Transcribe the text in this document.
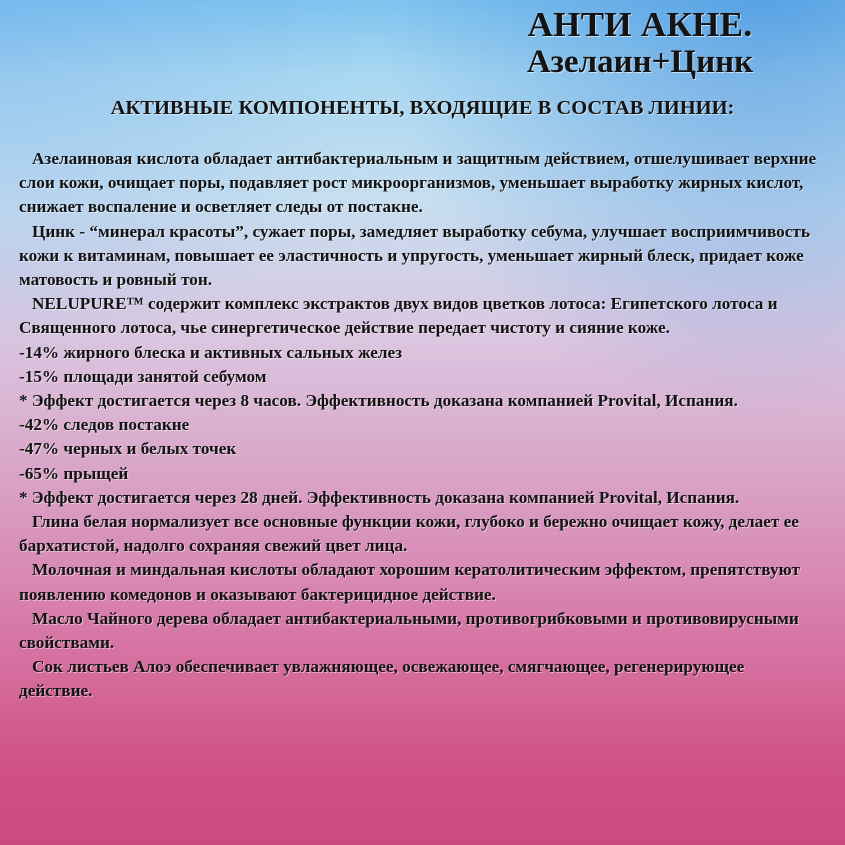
АНТИ АКНЕ.
Азелаин+Цинк
АКТИВНЫЕ КОМПОНЕНТЫ, ВХОДЯЩИЕ В СОСТАВ ЛИНИИ:

Азелаиновая кислота обладает антибактериальным и защитным действием, отшелушивает верхние слои кожи, очищает поры, подавляет рост микроорганизмов, уменьшает выработку жирных кислот, снижает воспаление и осветляет следы от постакне.

Цинк - “минерал красоты”, сужает поры, замедляет выработку себума, улучшает восприимчивость кожи к витаминам, повышает ее эластичность и упругость, уменьшает жирный блеск, придает коже матовость и ровный тон.

NELUPURE™ содержит комплекс экстрактов двух видов цветков лотоса: Египетского лотоса и Священного лотоса, чье синергетическое действие передает чистоту и сияние коже.

-14% жирного блеска и активных сальных желез

-15% площади занятой себумом

* Эффект достигается через 8 часов. Эффективность доказана компанией Provital, Испания.

-42% следов постакне

-47% черных и белых точек

-65% прыщей

* Эффект достигается через 28 дней. Эффективность доказана компанией Provital, Испания.

Глина белая нормализует все основные функции кожи, глубоко и бережно очищает кожу, делает ее бархатистой, надолго сохраняя свежий цвет лица.

Молочная и миндальная кислоты обладают хорошим кератолитическим эффектом, препятствуют появлению комедонов и оказывают бактерицидное действие.

Масло Чайного дерева обладает антибактериальными, противогрибковыми и противовирусными свойствами.

Сок листьев Алоэ обеспечивает увлажняющее, освежающее, смягчающее, регенерирующее действие.
